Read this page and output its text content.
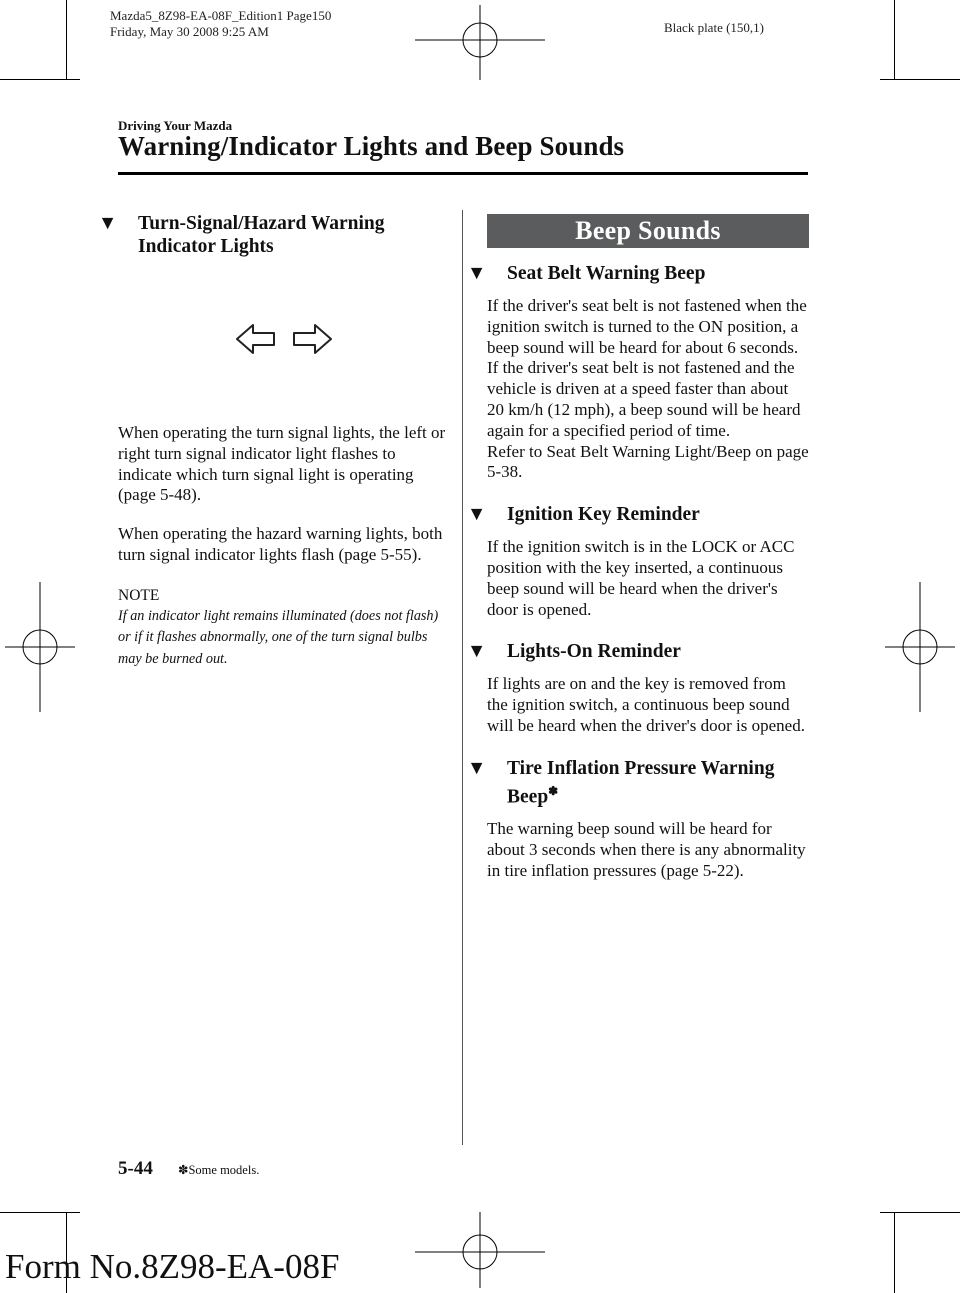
Mazda5_8Z98-EA-08F_Edition1 Page150
Friday, May 30 2008 9:25 AM	Black plate (150,1)
Driving Your Mazda
Warning/Indicator Lights and Beep Sounds
▼ Turn-Signal/Hazard Warning
Indicator Lights

When operating the turn signal lights, the left or right turn signal indicator light flashes to indicate which turn signal light is operating (page 5-48).

When operating the hazard warning lights, both turn signal indicator lights flash (page 5-55).

NOTE
If an indicator light remains illuminated (does not flash) or if it flashes abnormally, one of the turn signal bulbs may be burned out.
Beep Sounds
▼ Seat Belt Warning Beep

If the driver's seat belt is not fastened when the ignition switch is turned to the ON position, a beep sound will be heard for about 6 seconds.

If the driver's seat belt is not fastened and the vehicle is driven at a speed faster than about 20 km/h (12 mph), a beep sound will be heard again for a specified period of time.

Refer to Seat Belt Warning Light/Beep on page 5-38.

▼ Ignition Key Reminder

If the ignition switch is in the LOCK or ACC position with the key inserted, a continuous beep sound will be heard when the driver's door is opened.

▼ Lights-On Reminder

If lights are on and the key is removed from the ignition switch, a continuous beep sound will be heard when the driver's door is opened.

▼ Tire Inflation Pressure Warning
Beep✽

The warning beep sound will be heard for about 3 seconds when there is any abnormality in tire inflation pressures (page 5-22).

5-44 ✽Some models.
Form No.8Z98-EA-08F
